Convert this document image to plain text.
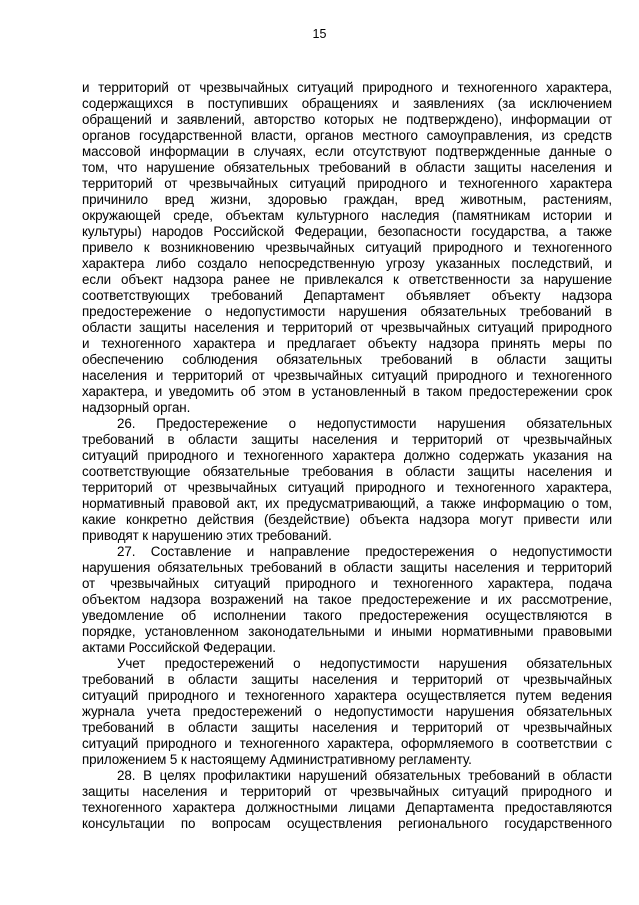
15

и территорий от чрезвычайных ситуаций природного и техногенного характера,

содержащихся в поступивших обращениях и заявлениях (за исключением

обращений и заявлений, авторство которых не подтверждено), информации от

органов государственной власти, органов местного самоуправления, из средств

массовой информации в случаях, если отсутствуют подтвержденные данные о

том, что нарушение обязательных требований в области защиты населения и

территорий от чрезвычайных ситуаций природного и техногенного характера

причинило вред жизни, здоровью граждан, вред животным, растениям,

окружающей среде, объектам культурного наследия (памятникам истории и

культуры) народов Российской Федерации, безопасности государства, а также

привело к возникновению чрезвычайных ситуаций природного и техногенного

характера либо создало непосредственную угрозу указанных последствий, и

если объект надзора ранее не привлекался к ответственности за нарушение

соответствующих требований Департамент объявляет объекту надзора

предостережение о недопустимости нарушения обязательных требований в

области защиты населения и территорий от чрезвычайных ситуаций природного

и техногенного характера и предлагает объекту надзора принять меры по

обеспечению соблюдения обязательных требований в области защиты

населения и территорий от чрезвычайных ситуаций природного и техногенного

характера, и уведомить об этом в установленный в таком предостережении срок

надзорный орган.

26. Предостережение о недопустимости нарушения обязательных

требований в области защиты населения и территорий от чрезвычайных

ситуаций природного и техногенного характера должно содержать указания на

соответствующие обязательные требования в области защиты населения и

территорий от чрезвычайных ситуаций природного и техногенного характера,

нормативный правовой акт, их предусматривающий, а также информацию о том,

какие конкретно действия (бездействие) объекта надзора могут привести или

приводят к нарушению этих требований.

27. Составление и направление предостережения о недопустимости

нарушения обязательных требований в области защиты населения и территорий

от чрезвычайных ситуаций природного и техногенного характера, подача

объектом надзора возражений на такое предостережение и их рассмотрение,

уведомление об исполнении такого предостережения осуществляются в

порядке, установленном законодательными и иными нормативными правовыми

актами Российской Федерации.

Учет предостережений о недопустимости нарушения обязательных

требований в области защиты населения и территорий от чрезвычайных

ситуаций природного и техногенного характера осуществляется путем ведения

журнала учета предостережений о недопустимости нарушения обязательных

требований в области защиты населения и территорий от чрезвычайных

ситуаций природного и техногенного характера, оформляемого в соответствии с

приложением 5 к настоящему Административному регламенту.

28. В целях профилактики нарушений обязательных требований в области

защиты населения и территорий от чрезвычайных ситуаций природного и

техногенного характера должностными лицами Департамента предоставляются

консультации по вопросам осуществления регионального государственного
